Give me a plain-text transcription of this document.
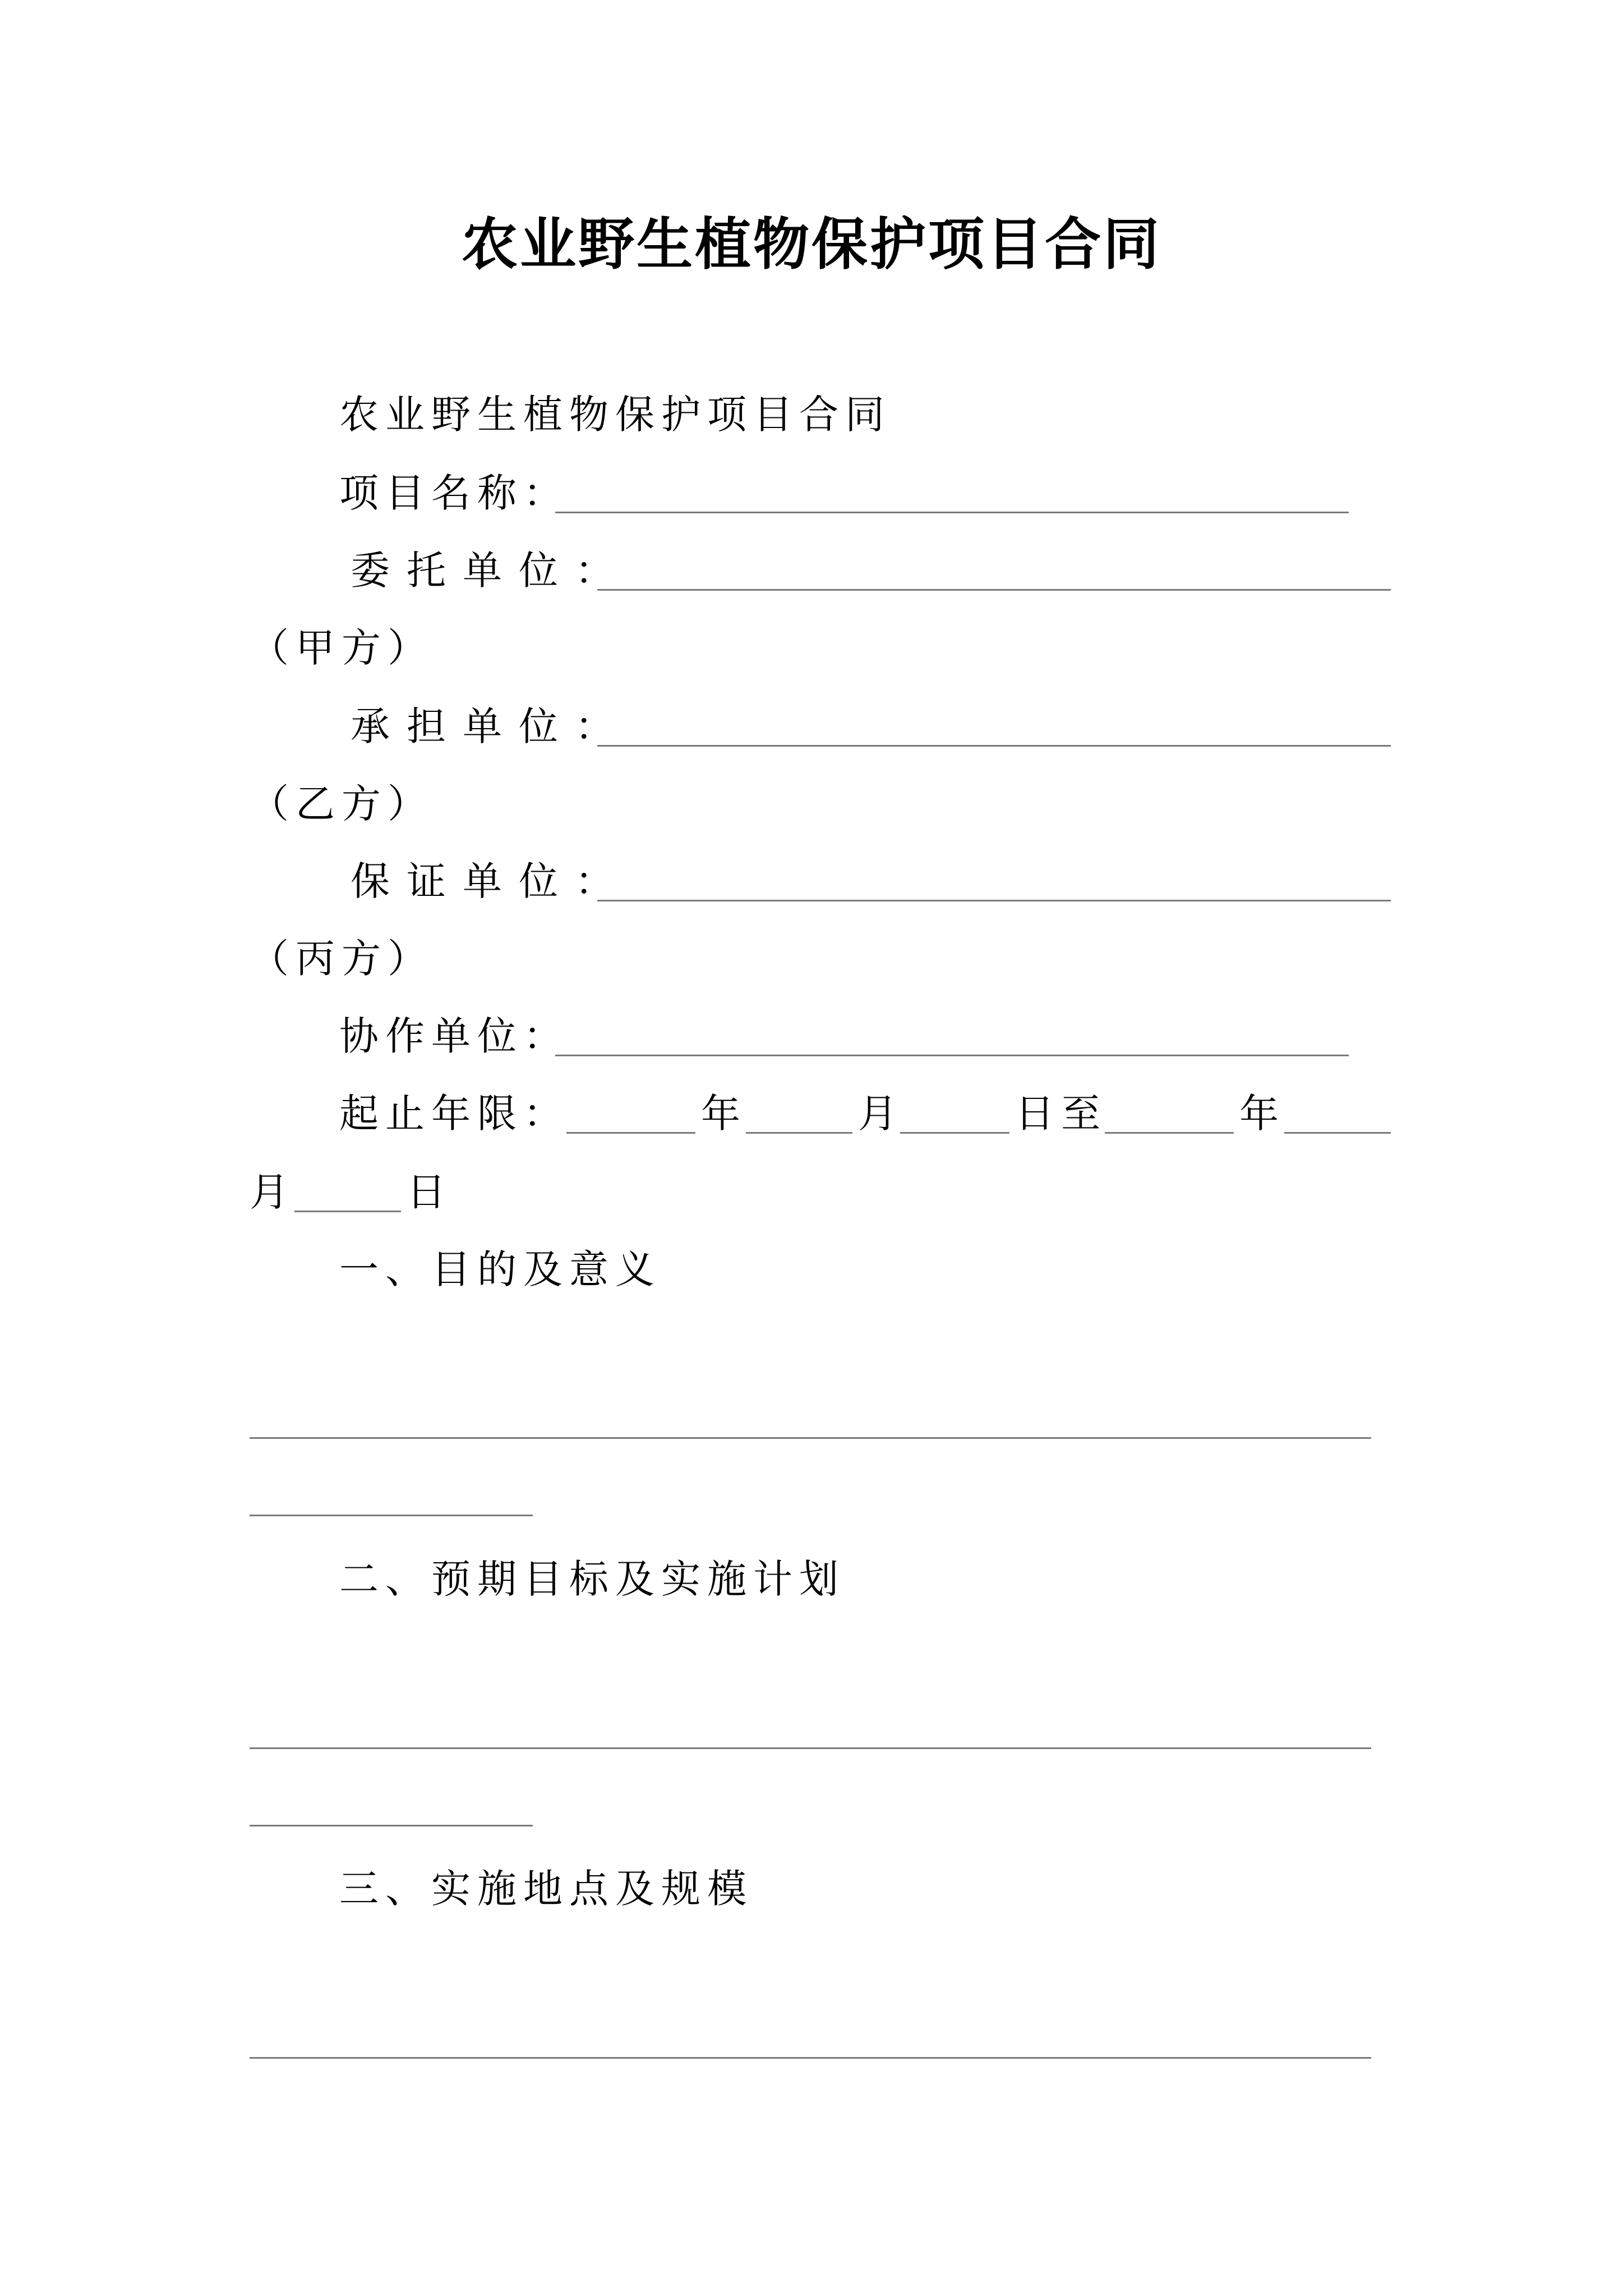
农业野生植物保护项目合同
农业野生植物保护项目合同
项目名称：
委托单位：
（甲方）
承担单位：
（乙方）
保证单位：
（丙方）
协作单位：
起止年限：	年	月	日至	年
月	日
一、目的及意义
二、预期目标及实施计划
三、实施地点及规模
